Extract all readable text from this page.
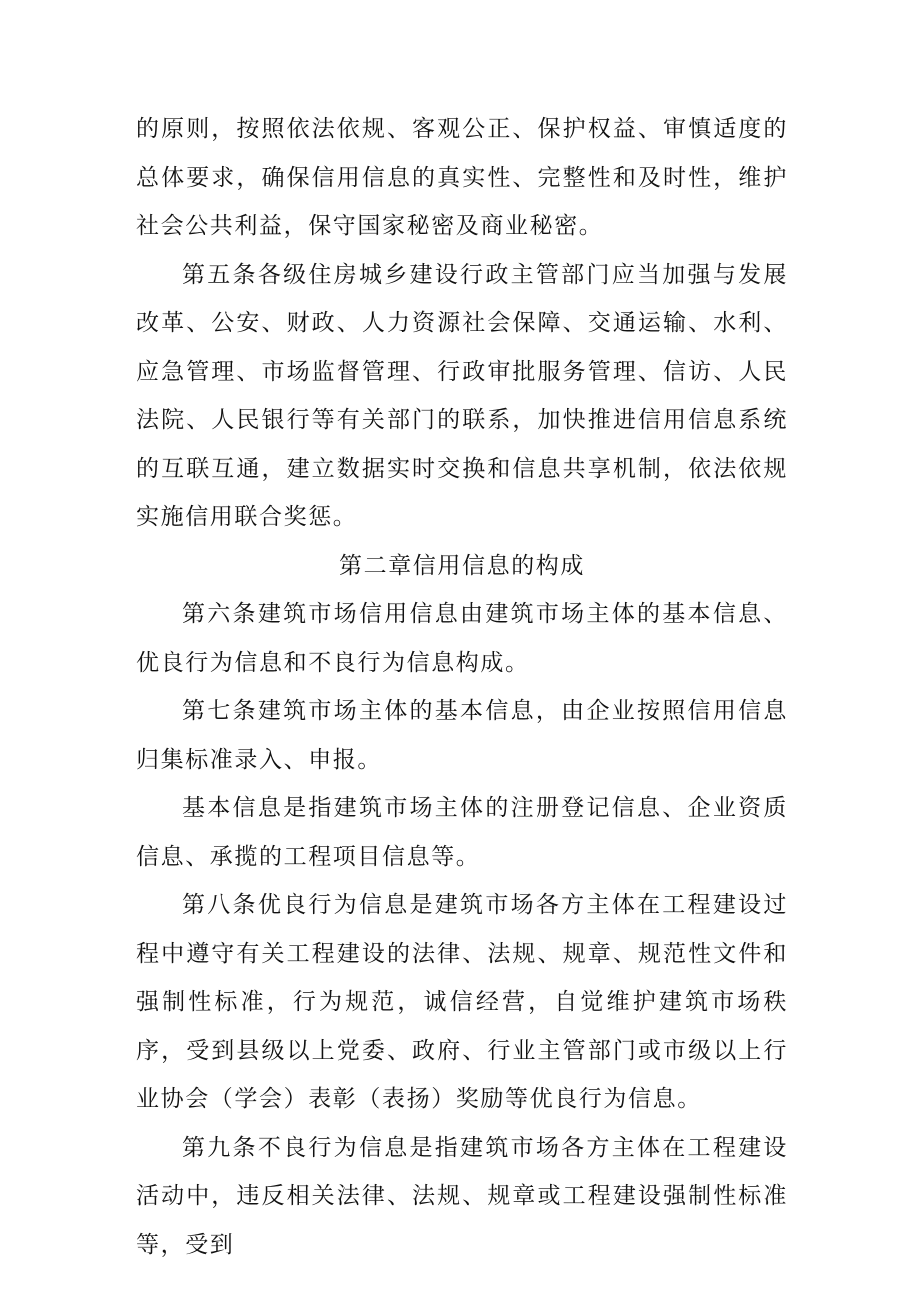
的原则，按照依法依规、客观公正、保护权益、审慎适度的总体要求，确保信用信息的真实性、完整性和及时性，维护社会公共利益，保守国家秘密及商业秘密。

第五条各级住房城乡建设行政主管部门应当加强与发展改革、公安、财政、人力资源社会保障、交通运输、水利、应急管理、市场监督管理、行政审批服务管理、信访、人民法院、人民银行等有关部门的联系，加快推进信用信息系统的互联互通，建立数据实时交换和信息共享机制，依法依规实施信用联合奖惩。

第二章信用信息的构成

第六条建筑市场信用信息由建筑市场主体的基本信息、优良行为信息和不良行为信息构成。

第七条建筑市场主体的基本信息，由企业按照信用信息归集标准录入、申报。

基本信息是指建筑市场主体的注册登记信息、企业资质信息、承揽的工程项目信息等。

第八条优良行为信息是建筑市场各方主体在工程建设过程中遵守有关工程建设的法律、法规、规章、规范性文件和强制性标准，行为规范，诚信经营，自觉维护建筑市场秩序，受到县级以上党委、政府、行业主管部门或市级以上行业协会（学会）表彰（表扬）奖励等优良行为信息。

第九条不良行为信息是指建筑市场各方主体在工程建设活动中，违反相关法律、法规、规章或工程建设强制性标准等，受到
